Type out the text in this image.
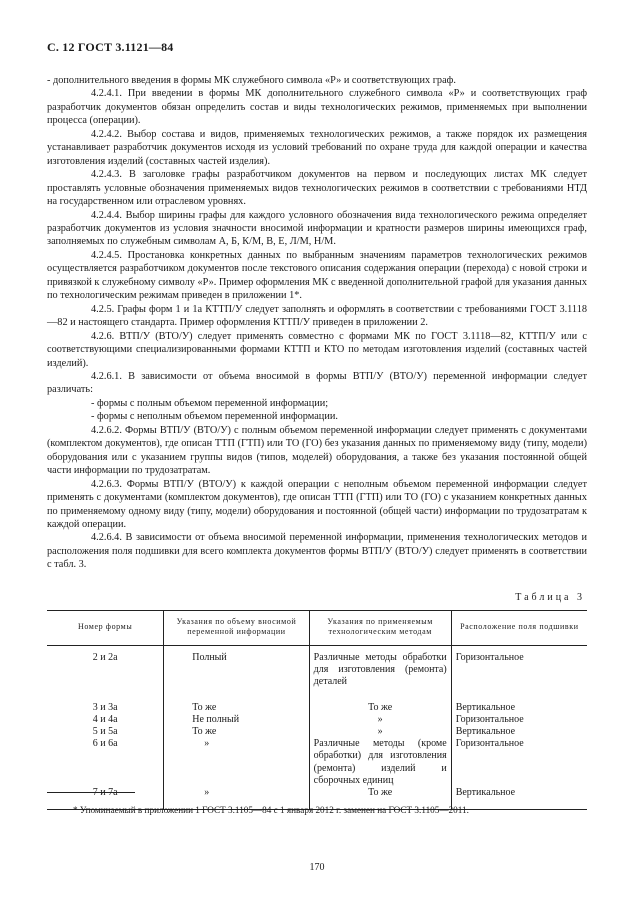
С. 12 ГОСТ 3.1121—84

- дополнительного введения в формы МК служебного символа «Р» и соответствующих граф.

4.2.4.1. При введении в формы МК дополнительного служебного символа «Р» и соответствующих граф разработчик документов обязан определить состав и виды технологических режимов, применяемых при выполнении процесса (операции).

4.2.4.2. Выбор состава и видов, применяемых технологических режимов, а также порядок их размещения устанавливает разработчик документов исходя из условий требований по охране труда для каждой операции и качества изготовления изделий (составных частей изделия).

4.2.4.3. В заголовке графы разработчиком документов на первом и последующих листах МК следует проставлять условные обозначения применяемых видов технологических режимов в соответствии с требованиями НТД на государственном или отраслевом уровнях.

4.2.4.4. Выбор ширины графы для каждого условного обозначения вида технологического режима определяет разработчик документов из условия значности вносимой информации и кратности размеров ширины имеющихся граф, заполняемых по служебным символам А, Б, К/М, В, Е, Л/М, Н/М.

4.2.4.5. Простановка конкретных данных по выбранным значениям параметров технологических режимов осуществляется разработчиком документов после текстового описания содержания операции (перехода) с новой строки и привязкой к служебному символу «Р». Пример оформления МК с введенной дополнительной графой для указания данных по технологическим режимам приведен в приложении 1*.

4.2.5. Графы форм 1 и 1а КТТП/У следует заполнять и оформлять в соответствии с требованиями ГОСТ 3.1118—82 и настоящего стандарта. Пример оформления КТТП/У приведен в приложении 2.

4.2.6. ВТП/У (ВТО/У) следует применять совместно с формами МК по ГОСТ 3.1118—82, КТТП/У или с соответствующими специализированными формами КТТП и КТО по методам изготовления изделий (составных частей изделий).

4.2.6.1. В зависимости от объема вносимой в формы ВТП/У (ВТО/У) переменной информации следует различать:

- формы с полным объемом переменной информации;

- формы с неполным объемом переменной информации.

4.2.6.2. Формы ВТП/У (ВТО/У) с полным объемом переменной информации следует применять с документами (комплектом документов), где описан ТТП (ГТП) или ТО (ГО) без указания данных по применяемому виду (типу, модели) оборудования или с указанием группы видов (типов, моделей) оборудования, а также без указания постоянной общей части информации по трудозатратам.

4.2.6.3. Формы ВТП/У (ВТО/У) к каждой операции с неполным объемом переменной информации следует применять с документами (комплектом документов), где описан ТТП (ГТП) или ТО (ГО) с указанием конкретных данных по применяемому одному виду (типу, модели) оборудования и постоянной (общей части) информации по трудозатратам к каждой операции.

4.2.6.4. В зависимости от объема вносимой переменной информации, применения технологических методов и расположения поля подшивки для всего комплекта документов формы ВТП/У (ВТО/У) следует применять в соответствии с табл. 3.

Таблица 3
Номер формы	Указания по объему вносимой переменной информации	Указания по применяемым технологическим методам	Расположение поля подшивки
2 и 2а	Полный	Различные методы обработки для изготовления (ремонта) деталей	Горизонтальное

3 и 3а	То же	То же	Вертикальное
4 и 4а	Не полный	»	Горизонтальное
5 и 5а	То же	»	Вертикальное
6 и 6а	»	Различные методы (кроме обработки) для изготовления (ремонта) изделий и сборочных единиц	Горизонтальное
7 и 7а	»	То же	Вертикальное
* Упоминаемый в приложении 1 ГОСТ 3.1105—84 с 1 января 2012 г. заменен на ГОСТ 3.1105—2011.
170
